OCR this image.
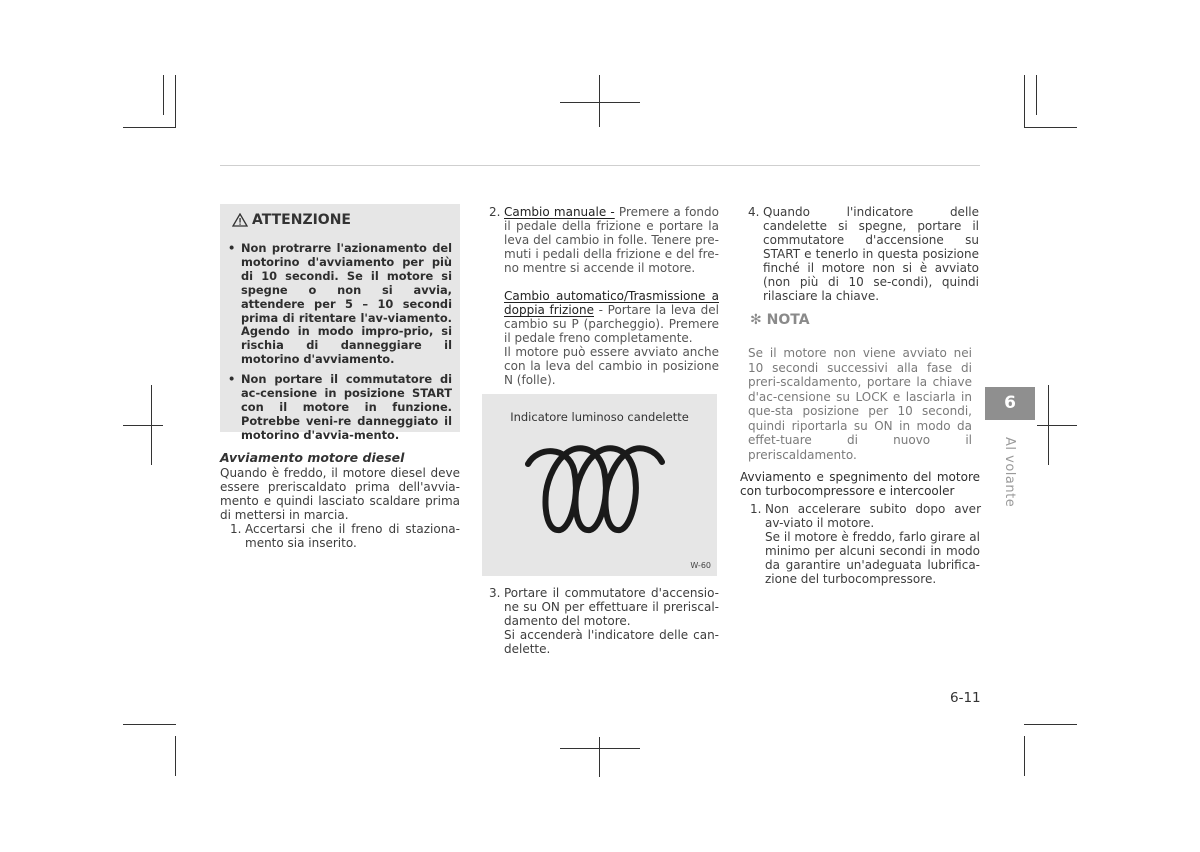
ATTENZIONE
• Non protrarre l'azionamento del motorino d'avviamento per più di 10 secondi. Se il motore si spegne o non si avvia, attendere per 5 – 10 secondi prima di ritentare l'av-viamento. Agendo in modo impro-prio, si rischia di danneggiare il motorino d'avviamento.
• Non portare il commutatore di ac-censione in posizione START con il motore in funzione. Potrebbe veni-re danneggiato il motorino d'avvia-mento.
Avviamento motore diesel
Quando è freddo, il motore diesel deve essere preriscaldato prima dell'avvia-mento e quindi lasciato scaldare prima di mettersi in marcia.
1. Accertarsi che il freno di staziona-mento sia inserito.
2. Cambio manuale - Premere a fondo il pedale della frizione e portare la leva del cambio in folle. Tenere pre-muti i pedali della frizione e del fre-no mentre si accende il motore.
Cambio automatico/Trasmissione a doppia frizione - Portare la leva del cambio su P (parcheggio). Premere il pedale freno completamente.
Il motore può essere avviato anche con la leva del cambio in posizione N (folle).
Indicatore luminoso candelette
W-60
3. Portare il commutatore d'accensio-ne su ON per effettuare il preriscal-damento del motore.
Si accenderà l'indicatore delle can-delette.
4. Quando l'indicatore delle candelette si spegne, portare il commutatore d'accensione su START e tenerlo in questa posizione finché il motore non si è avviato (non più di 10 se-condi), quindi rilasciare la chiave.
✻ NOTA
Se il motore non viene avviato nei 10 secondi successivi alla fase di preri-scaldamento, portare la chiave d'ac-censione su LOCK e lasciarla in que-sta posizione per 10 secondi, quindi riportarla su ON in modo da effet-tuare di nuovo il preriscaldamento.
Avviamento e spegnimento del motore con turbocompressore e intercooler
1. Non accelerare subito dopo aver av-viato il motore.
Se il motore è freddo, farlo girare al minimo per alcuni secondi in modo da garantire un'adeguata lubrifica-zione del turbocompressore.
6
Al volante
6-11
